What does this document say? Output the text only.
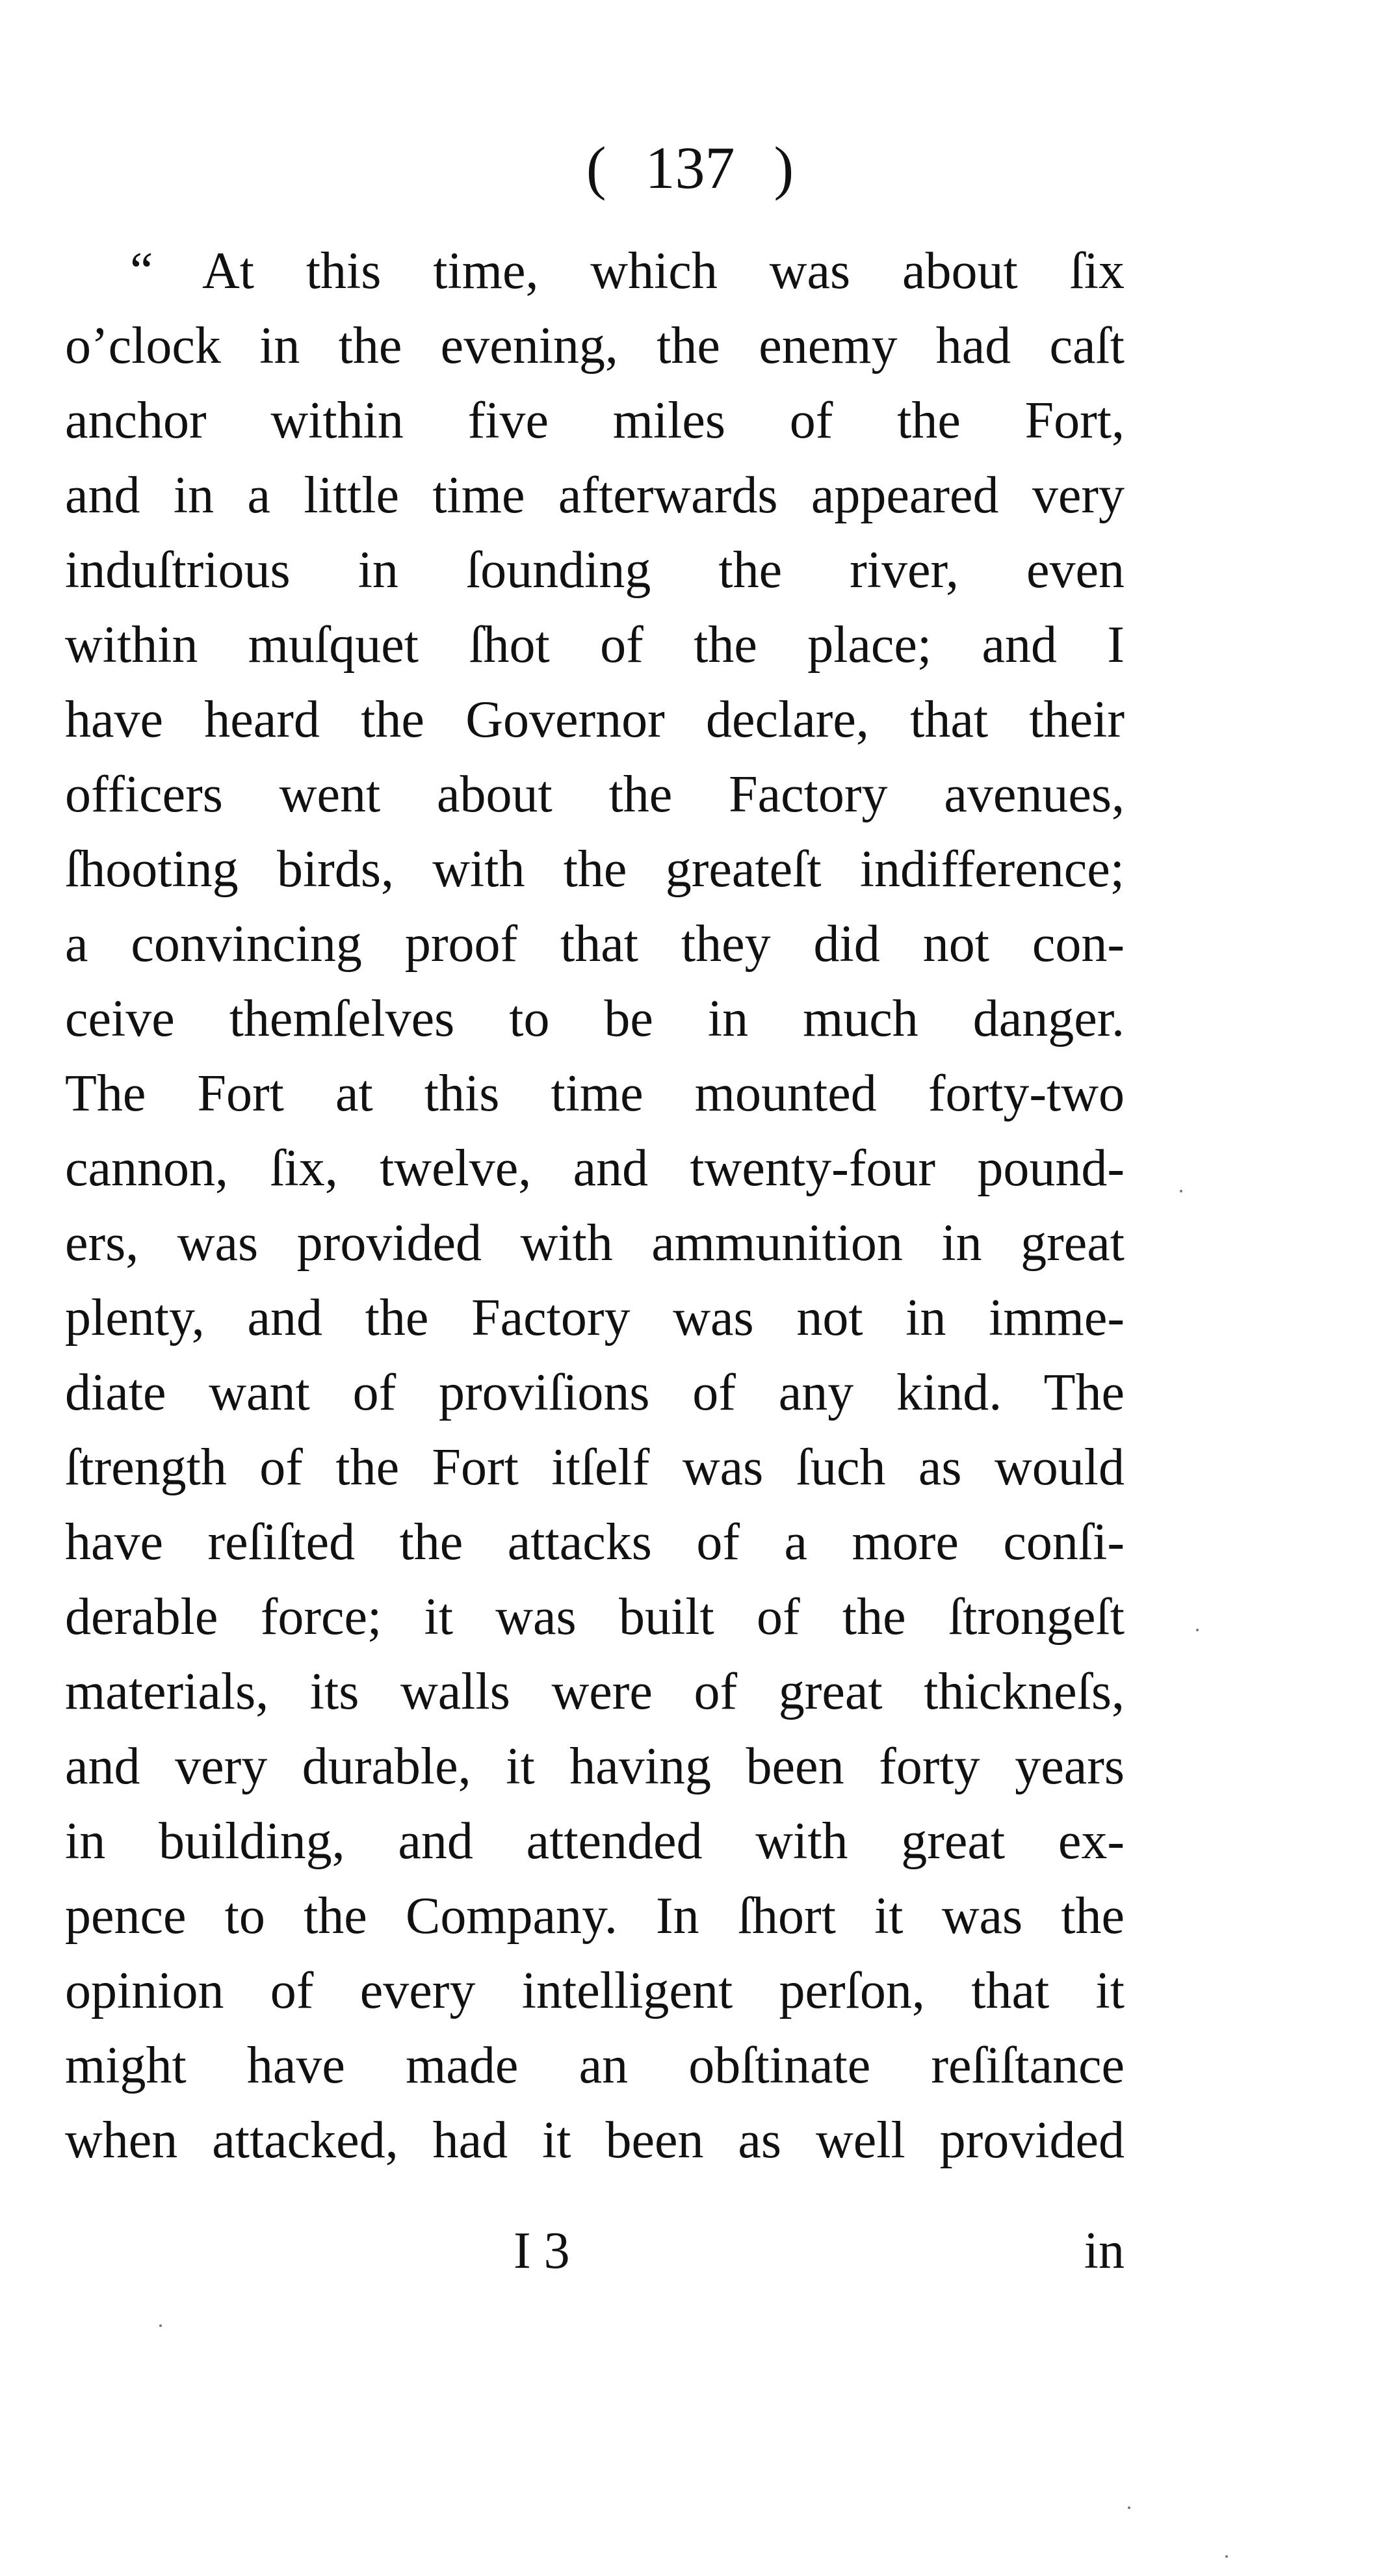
( 137 )
“ At this time, which was about ſix
o’clock in the evening, the enemy had caſt
anchor within five miles of the Fort,
and in a little time afterwards appeared very
induſtrious in ſounding the river, even
within muſquet ſhot of the place; and I
have heard the Governor declare, that their
officers went about the Factory avenues,
ſhooting birds, with the greateſt indifference;
a convincing proof that they did not con-
ceive themſelves to be in much danger.
The Fort at this time mounted forty-two
cannon, ſix, twelve, and twenty-four pound-
ers, was provided with ammunition in great
plenty, and the Factory was not in imme-
diate want of proviſions of any kind. The
ſtrength of the Fort itſelf was ſuch as would
have reſiſted the attacks of a more conſi-
derable force; it was built of the ſtrongeſt
materials, its walls were of great thickneſs,
and very durable, it having been forty years
in building, and attended with great ex-
pence to the Company. In ſhort it was the
opinion of every intelligent perſon, that it
might have made an obſtinate reſiſtance
when attacked, had it been as well provided
I 3	in
